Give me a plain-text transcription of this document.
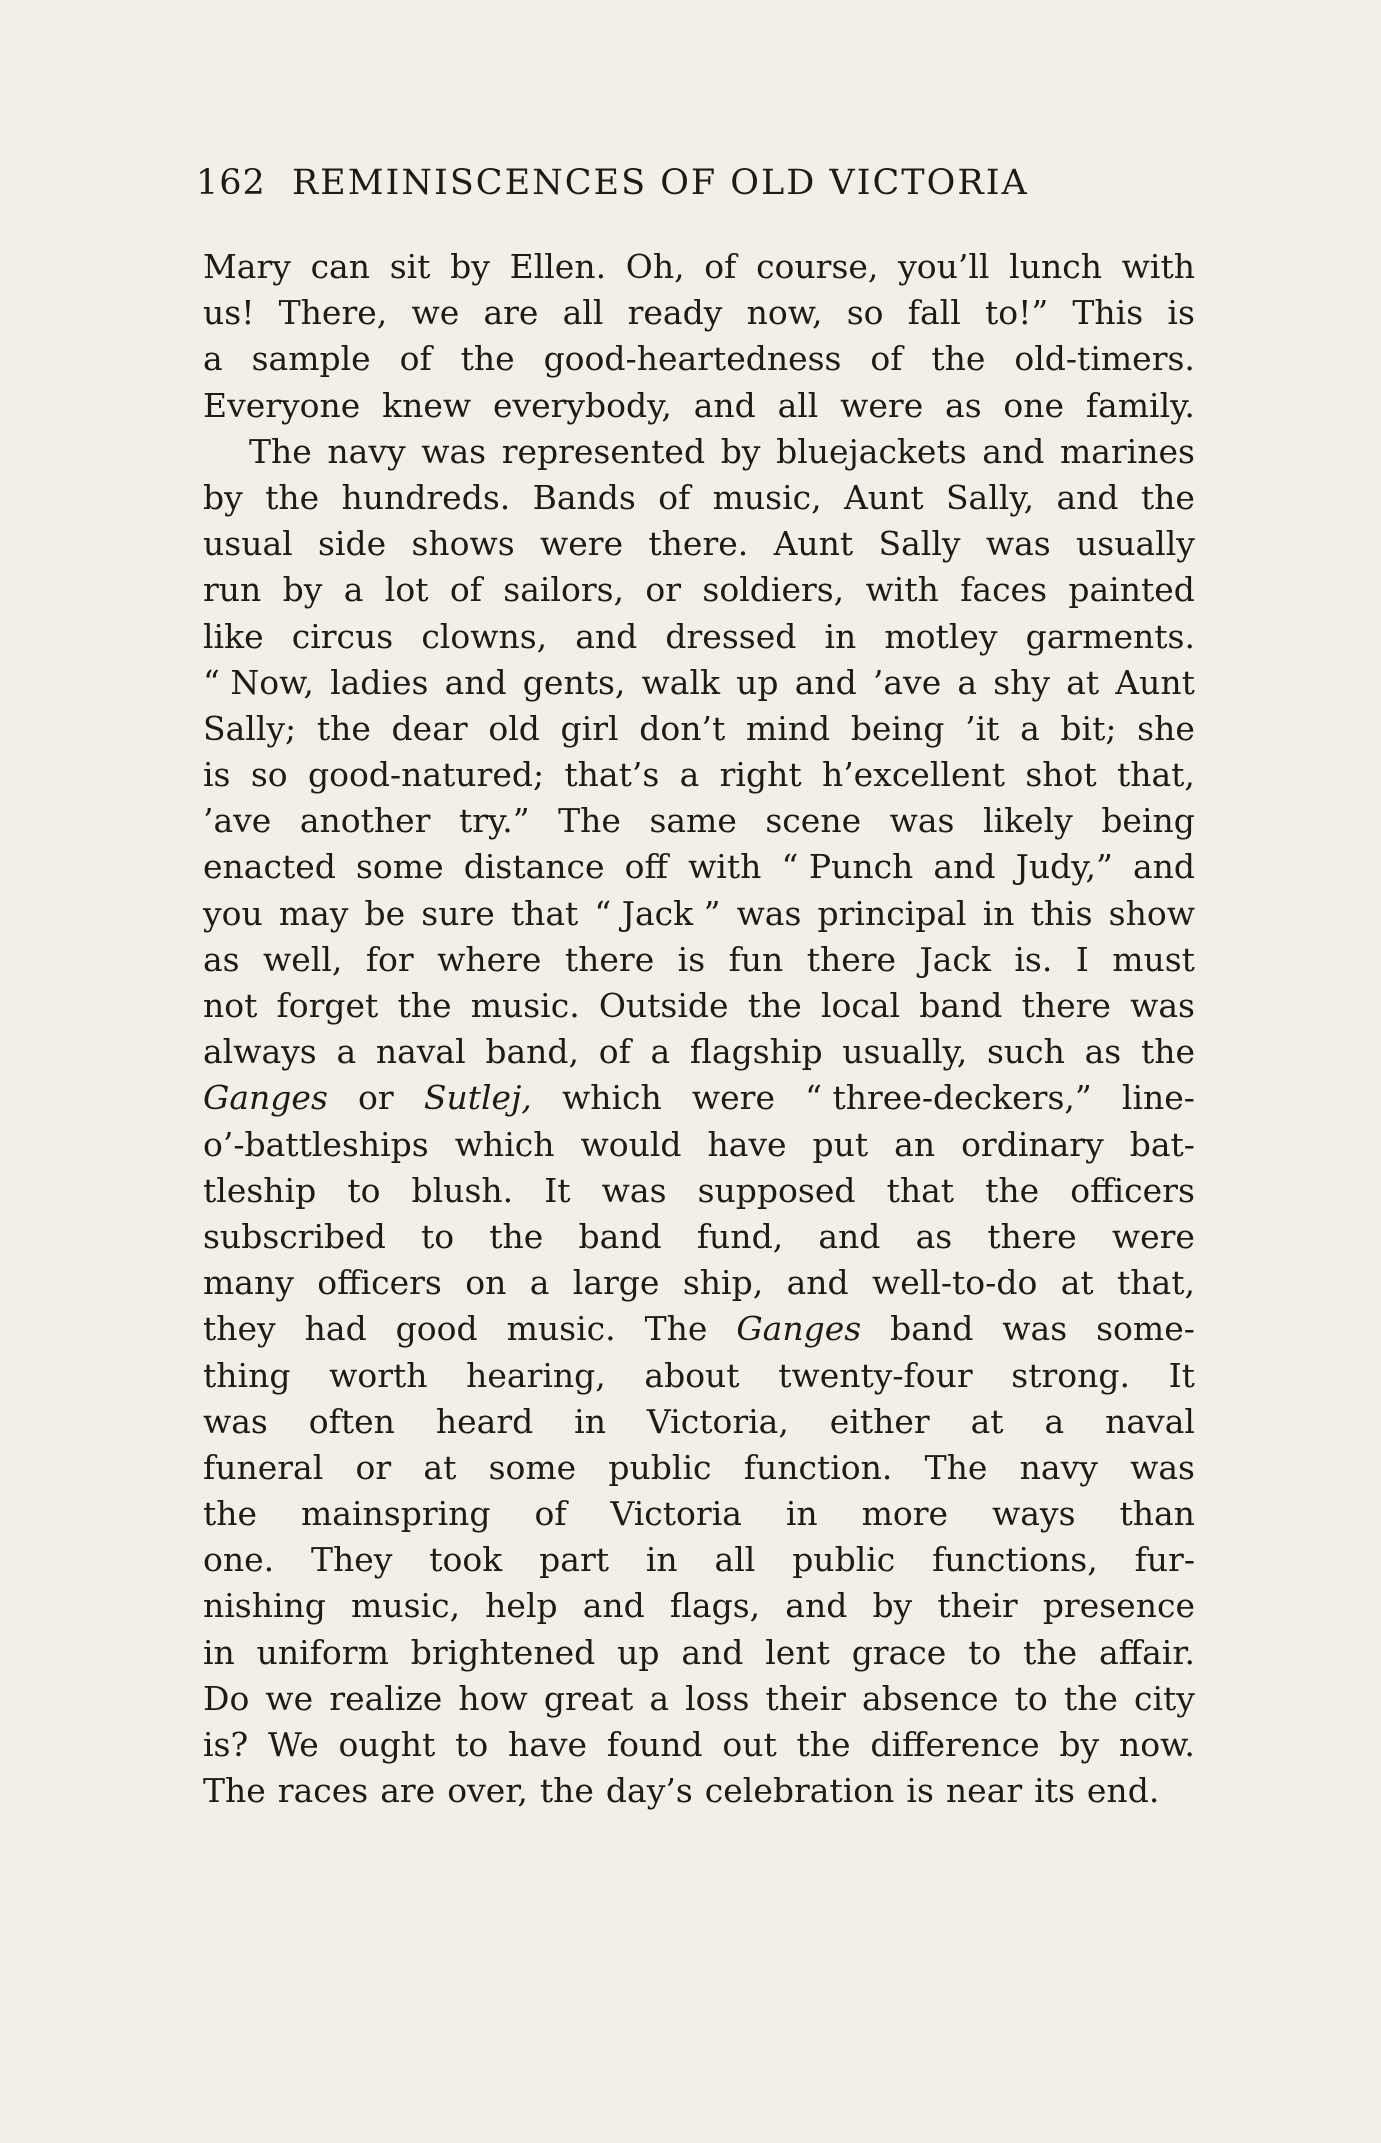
162 REMINISCENCES OF OLD VICTORIA
Mary can sit by Ellen. Oh, of course, you’ll lunch with
us! There, we are all ready now, so fall to!” This is
a sample of the good-heartedness of the old-timers.
Everyone knew everybody, and all were as one family.
The navy was represented by bluejackets and marines
by the hundreds. Bands of music, Aunt Sally, and the
usual side shows were there. Aunt Sally was usually
run by a lot of sailors, or soldiers, with faces painted
like circus clowns, and dressed in motley garments.
“ Now, ladies and gents, walk up and ’ave a shy at Aunt
Sally; the dear old girl don’t mind being ’it a bit; she
is so good-natured; that’s a right h’excellent shot that,
’ave another try.” The same scene was likely being
enacted some distance off with “ Punch and Judy,” and
you may be sure that “ Jack ” was principal in this show
as well, for where there is fun there Jack is. I must
not forget the music. Outside the local band there was
always a naval band, of a flagship usually, such as the
Ganges or Sutlej, which were “ three-deckers,” line-
o’-battleships which would have put an ordinary bat-
tleship to blush. It was supposed that the officers
subscribed to the band fund, and as there were
many officers on a large ship, and well-to-do at that,
they had good music. The Ganges band was some-
thing worth hearing, about twenty-four strong. It
was often heard in Victoria, either at a naval
funeral or at some public function. The navy was
the mainspring of Victoria in more ways than
one. They took part in all public functions, fur-
nishing music, help and flags, and by their presence
in uniform brightened up and lent grace to the affair.
Do we realize how great a loss their absence to the city
is? We ought to have found out the difference by now.
The races are over, the day’s celebration is near its end.
